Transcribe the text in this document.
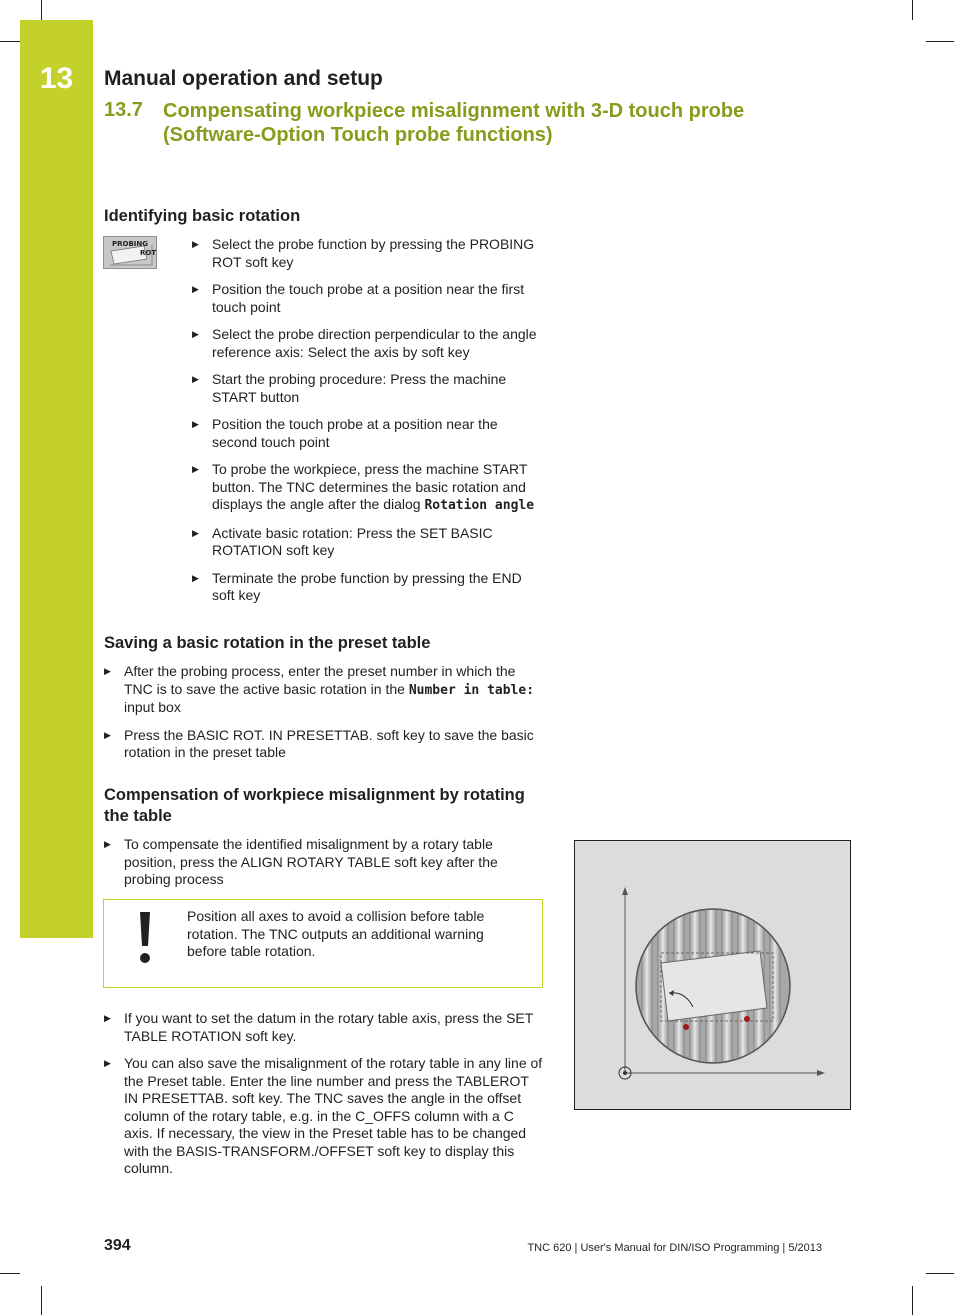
13	Manual operation and setup
13.7 Compensating workpiece misalignment with 3-D touch probe
(Software-Option Touch probe functions)
Identifying basic rotation
PROBING
ROT
▶ Select the probe function by pressing the PROBING ROT soft key
▶ Position the touch probe at a position near the first touch point
▶ Select the probe direction perpendicular to the angle reference axis: Select the axis by soft key
▶ Start the probing procedure: Press the machine START button
▶ Position the touch probe at a position near the second touch point
▶ To probe the workpiece, press the machine START button. The TNC determines the basic rotation and displays the angle after the dialog Rotation angle
▶ Activate basic rotation: Press the SET BASIC ROTATION soft key
▶ Terminate the probe function by pressing the END soft key
Saving a basic rotation in the preset table
▶ After the probing process, enter the preset number in which the TNC is to save the active basic rotation in the Number in table: input box
▶ Press the BASIC ROT. IN PRESETTAB. soft key to save the basic rotation in the preset table
Compensation of workpiece misalignment by rotating
the table
▶ To compensate the identified misalignment by a rotary table position, press the ALIGN ROTARY TABLE soft key after the probing process
Position all axes to avoid a collision before table rotation. The TNC outputs an additional warning before table rotation.
▶ If you want to set the datum in the rotary table axis, press the SET TABLE ROTATION soft key.
▶ You can also save the misalignment of the rotary table in any line of the Preset table. Enter the line number and press the TABLEROT IN PRESETTAB. soft key. The TNC saves the angle in the offset column of the rotary table, e.g. in the C_OFFS column with a C axis. If necessary, the view in the Preset table has to be changed with the BASIS-TRANSFORM./OFFSET soft key to display this column.
394	TNC 620 | User's Manual for DIN/ISO Programming | 5/2013
